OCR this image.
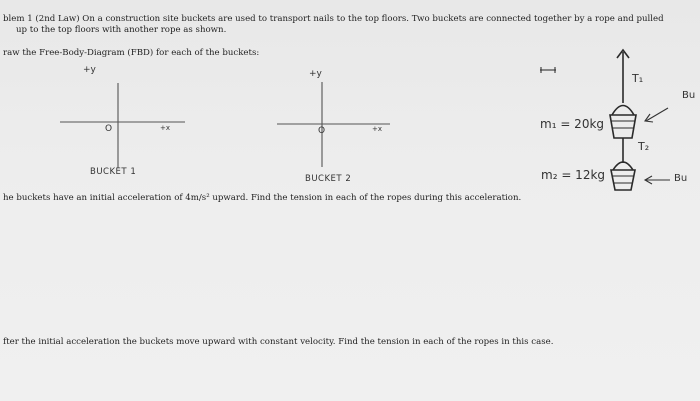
blem 1 (2nd Law) On a construction site buckets are used to transport nails to the top floors. Two buckets are connected together by a rope and pulled
up to the top floors with another rope as shown.
raw the Free-Body-Diagram (FBD) for each of the buckets:
he buckets have an initial acceleration of 4m/s² upward. Find the tension in each of the ropes during this acceleration.
fter the initial acceleration the buckets move upward with constant velocity. Find the tension in each of the ropes in this case.
+y
O	+x
BUCKET 1
+y
O	+x
BUCKET 2
T₁
T₂
m₁ = 20kg
m₂ = 12kg
Bu
Bu
